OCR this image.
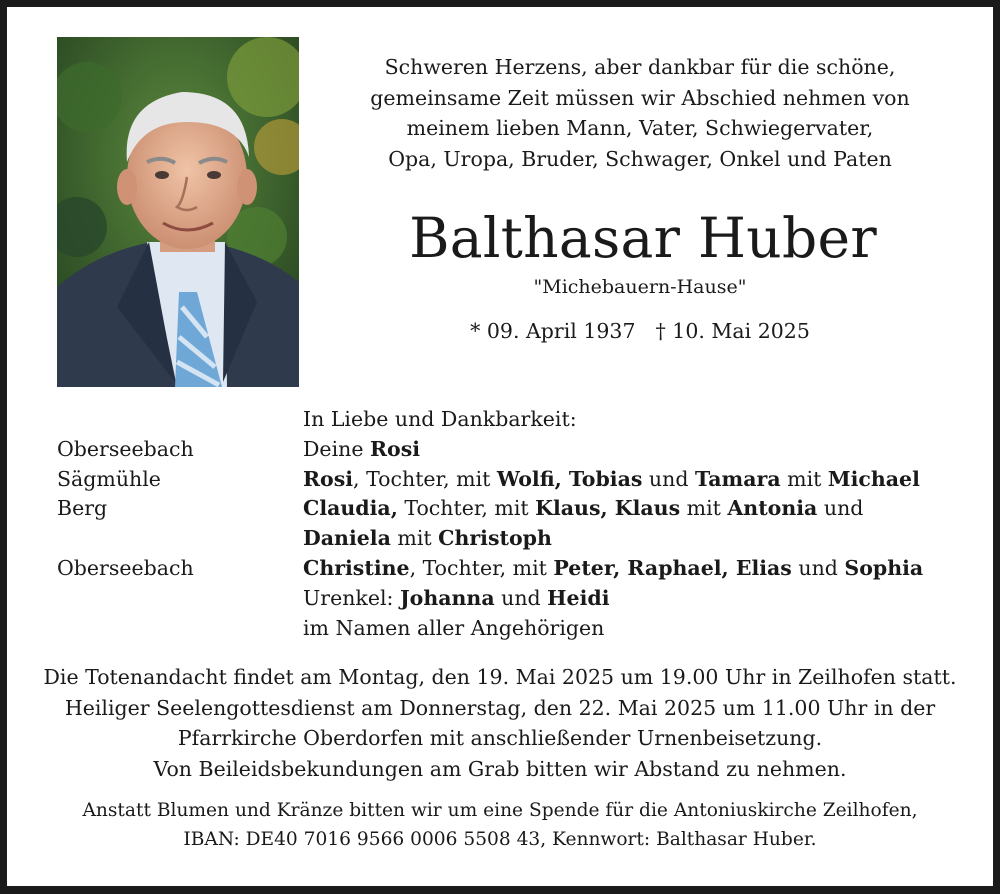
Schweren Herzens, aber dankbar für die schöne,
gemeinsame Zeit müssen wir Abschied nehmen von
meinem lieben Mann, Vater, Schwiegervater,
Opa, Uropa, Bruder, Schwager, Onkel und Paten
Balthasar Huber
"Michebauern-Hause"
* 09. April 1937 † 10. Mai 2025
In Liebe und Dankbarkeit:
Oberseebach	Deine Rosi
Sägmühle	Rosi, Tochter, mit Wolfi, Tobias und Tamara mit Michael
Berg	Claudia, Tochter, mit Klaus, Klaus mit Antonia und
Daniela mit Christoph
Oberseebach	Christine, Tochter, mit Peter, Raphael, Elias und Sophia
Urenkel: Johanna und Heidi
im Namen aller Angehörigen
Die Totenandacht findet am Montag, den 19. Mai 2025 um 19.00 Uhr in Zeilhofen statt.
Heiliger Seelengottesdienst am Donnerstag, den 22. Mai 2025 um 11.00 Uhr in der
Pfarrkirche Oberdorfen mit anschließender Urnenbeisetzung.
Von Beileidsbekundungen am Grab bitten wir Abstand zu nehmen.
Anstatt Blumen und Kränze bitten wir um eine Spende für die Antoniuskirche Zeilhofen,
IBAN: DE40 7016 9566 0006 5508 43, Kennwort: Balthasar Huber.
